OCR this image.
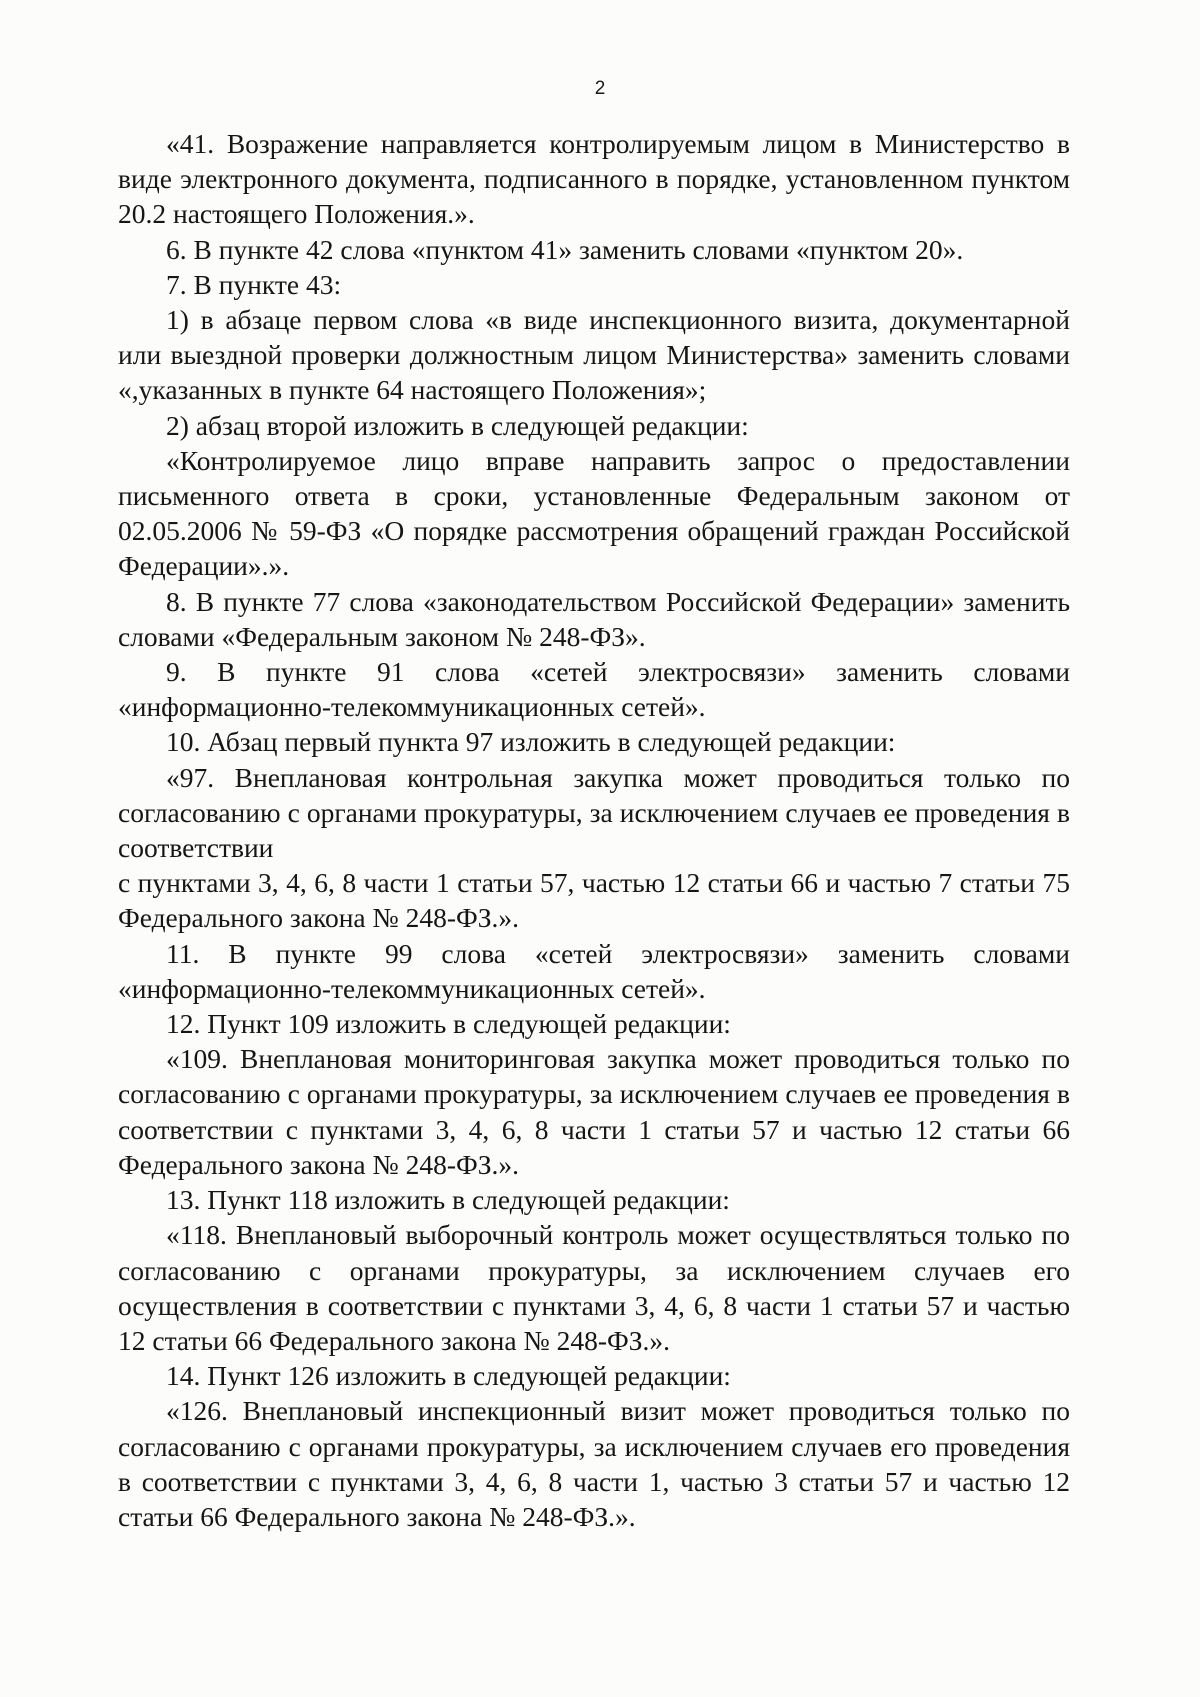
2

«41. Возражение направляется контролируемым лицом в Министерство в виде электронного документа, подписанного в порядке, установленном пунктом 20.2 настоящего Положения.».

6. В пункте 42 слова «пунктом 41» заменить словами «пунктом 20».

7. В пункте 43:

1) в абзаце первом слова «в виде инспекционного визита, документарной или выездной проверки должностным лицом Министерства» заменить словами «,указанных в пункте 64 настоящего Положения»;

2) абзац второй изложить в следующей редакции:

«Контролируемое лицо вправе направить запрос о предоставлении письменного ответа в сроки, установленные Федеральным законом от 02.05.2006 № 59-ФЗ «О порядке рассмотрения обращений граждан Российской Федерации».».

8. В пункте 77 слова «законодательством Российской Федерации» заменить словами «Федеральным законом № 248-ФЗ».

9. В пункте 91 слова «сетей электросвязи» заменить словами «информационно-телекоммуникационных сетей».

10. Абзац первый пункта 97 изложить в следующей редакции:

«97. Внеплановая контрольная закупка может проводиться только по согласованию с органами прокуратуры, за исключением случаев ее проведения в соответствии

с пунктами 3, 4, 6, 8 части 1 статьи 57, частью 12 статьи 66 и частью 7 статьи 75 Федерального закона № 248-ФЗ.».

11. В пункте 99 слова «сетей электросвязи» заменить словами «информационно-телекоммуникационных сетей».

12. Пункт 109 изложить в следующей редакции:

«109. Внеплановая мониторинговая закупка может проводиться только по согласованию с органами прокуратуры, за исключением случаев ее проведения в соответствии с пунктами 3, 4, 6, 8 части 1 статьи 57 и частью 12 статьи 66 Федерального закона № 248-ФЗ.».

13. Пункт 118 изложить в следующей редакции:

«118. Внеплановый выборочный контроль может осуществляться только по согласованию с органами прокуратуры, за исключением случаев его осуществления в соответствии с пунктами 3, 4, 6, 8 части 1 статьи 57 и частью 12 статьи 66 Федерального закона № 248-ФЗ.».

14. Пункт 126 изложить в следующей редакции:

«126. Внеплановый инспекционный визит может проводиться только по согласованию с органами прокуратуры, за исключением случаев его проведения в соответствии с пунктами 3, 4, 6, 8 части 1, частью 3 статьи 57 и частью 12 статьи 66 Федерального закона № 248-ФЗ.».
